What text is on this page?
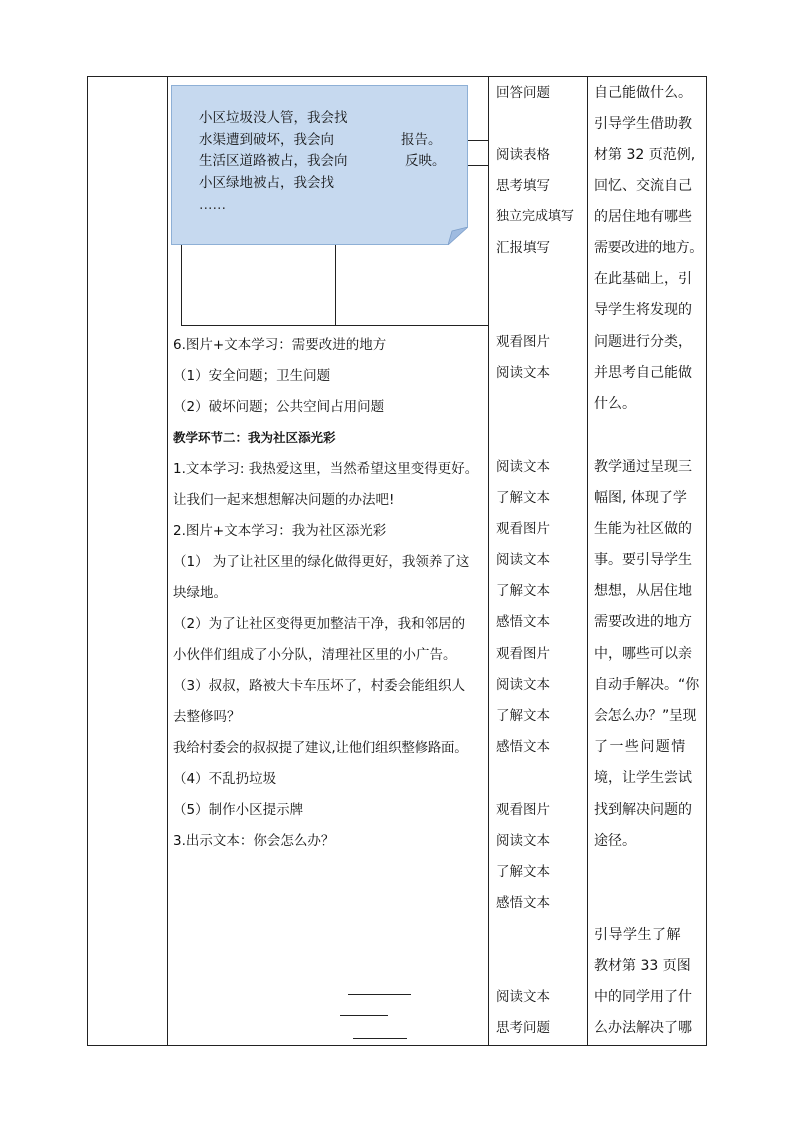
小区垃圾没人管，我会找
水渠遭到破坏，我会向	报告。
生活区道路被占，我会向	反映。
小区绿地被占，我会找
……
6.图片+文本学习：需要改进的地方
（1）安全问题；卫生问题
（2）破坏问题；公共空间占用问题
教学环节二：我为社区添光彩
1.文本学习: 我热爱这里，当然希望这里变得更好。
让我们一起来想想解决问题的办法吧!
2.图片+文本学习：我为社区添光彩
（1） 为了让社区里的绿化做得更好，我领养了这
块绿地。
（2）为了让社区变得更加整洁干净，我和邻居的
小伙伴们组成了小分队，清理社区里的小广告。
（3）叔叔，路被大卡车压坏了，村委会能组织人
去整修吗？
我给村委会的叔叔提了建议,让他们组织整修路面。
（4）不乱扔垃圾
（5）制作小区提示牌
3.出示文本：你会怎么办？
回答问题
阅读表格
思考填写
独立完成填写
汇报填写
观看图片
阅读文本
阅读文本
了解文本
观看图片
阅读文本
了解文本
感悟文本
观看图片
阅读文本
了解文本
感悟文本
观看图片
阅读文本
了解文本
感悟文本
阅读文本
思考问题
自己能做什么。
引导学生借助教
材第 32 页范例,
回忆、交流自己
的居住地有哪些
需要改进的地方。
在此基础上，引
导学生将发现的
问题进行分类，
并思考自己能做
什么。
教学通过呈现三
幅图, 体现了学
生能为社区做的
事。要引导学生
想想，从居住地
需要改进的地方
中，哪些可以亲
自动手解决。“你
会怎么办？”呈现
了 一 些 问 题 情
境，让学生尝试
找到解决问题的
途径。
引导学生了解
教材第 33 页图
中的同学用了什
么办法解决了哪
